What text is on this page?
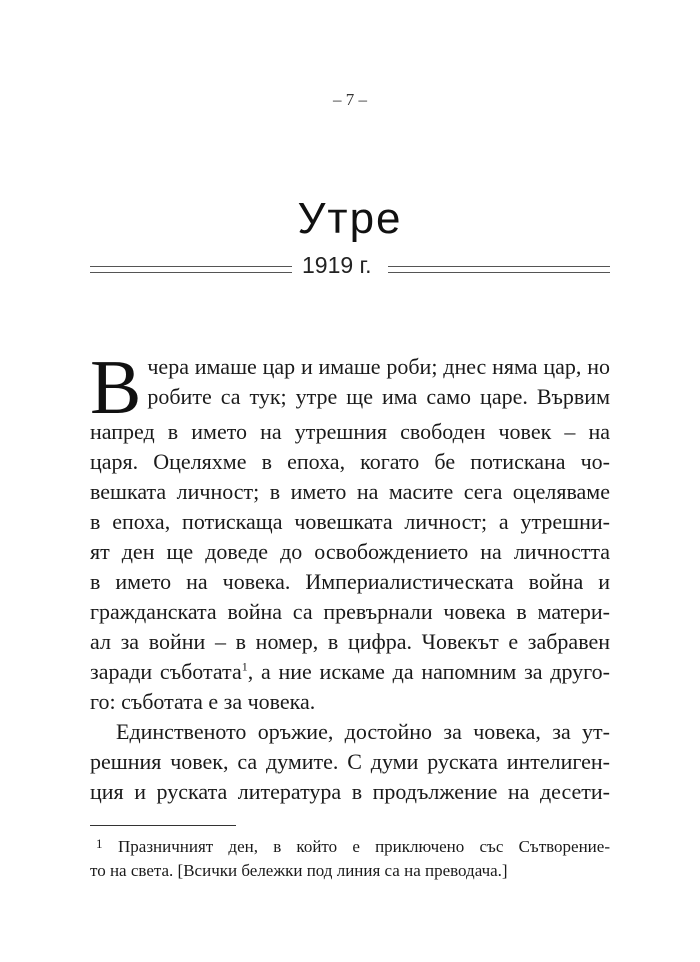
– 7 –
Утре
1919 г.
В чера имаше цар и имаше роби; днес няма цар, но
робите са тук; утре ще има само царе. Вървим
напред в името на утрешния свободен човек – на
царя. Оцеляхме в епоха, когато бе потискана чо-
вешката личност; в името на масите сега оцеляваме
в епоха, потискаща човешката личност; а утрешни-
ят ден ще доведе до освобождението на личността
в името на човека. Империалистическата война и
гражданската война са превърнали човека в матери-
ал за войни – в номер, в цифра. Човекът е забравен
заради съботата$^1$, а ние искаме да напомним за друго-
го: съботата е за човека.
Единственото оръжие, достойно за човека, за ут-
решния човек, са думите. С думи руската интелиген-
ция и руската литература в продължение на десети-
1 Празничният ден, в който е приключено със Сътворение-
то на света. [Всички бележки под линия са на преводача.]
